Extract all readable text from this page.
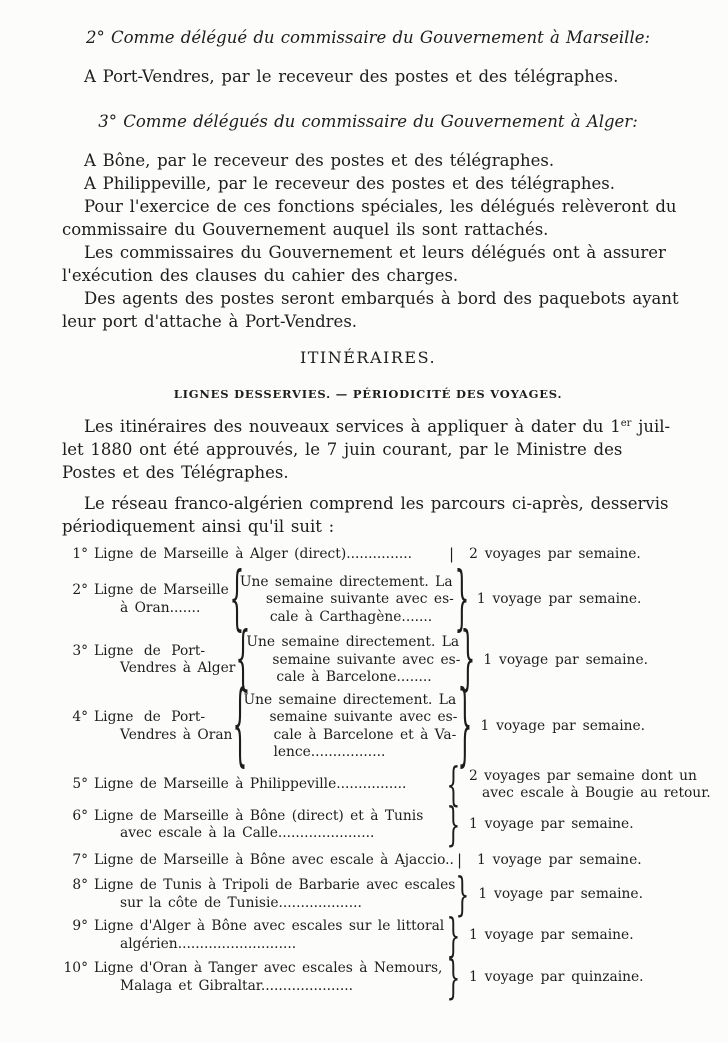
2° Comme délégué du commissaire du Gouvernement à Marseille:
A Port-Vendres, par le receveur des postes et des télégraphes.
3° Comme délégués du commissaire du Gouvernement à Alger:
A Bône, par le receveur des postes et des télégraphes.
A Philippeville, par le receveur des postes et des télégraphes.
Pour l'exercice de ces fonctions spéciales, les délégués relèveront du
commissaire du Gouvernement auquel ils sont rattachés.
Les commissaires du Gouvernement et leurs délégués ont à assurer
l'exécution des clauses du cahier des charges.
Des agents des postes seront embarqués à bord des paquebots ayant
leur port d'attache à Port-Vendres.
ITINÉRAIRES.
LIGNES DESSERVIES. — PÉRIODICITÉ DES VOYAGES.
Les itinéraires des nouveaux services à appliquer à dater du 1er juil-
let 1880 ont été approuvés, le 7 juin courant, par le Ministre des
Postes et des Télégraphes.
Le réseau franco-algérien comprend les parcours ci-après, desservis
périodiquement ainsi qu'il suit :
1° Ligne de Marseille à Alger (direct)...............	|	2 voyages par semaine.
2° Ligne de Marseille
à Oran.......	{
Une semaine directement. La
semaine suivante avec es-
cale à Carthagène....... } 1 voyage par semaine.
3° Ligne de Port-
Vendres à Alger {
Une semaine directement. La
semaine suivante avec es-
cale à Barcelone........	} 1 voyage par semaine.
4° Ligne de Port-
Vendres à Oran {
Une semaine directement. La
semaine suivante avec es-
cale à Barcelone et à Va-
lence.................	} 1 voyage par semaine.
5° Ligne de Marseille à Philippeville................	{ 2 voyages par semaine dont un
avec escale à Bougie au retour.
6° Ligne de Marseille à Bône (direct) et à Tunis
avec escale à la Calle......................	} 1 voyage par semaine.
7° Ligne de Marseille à Bône avec escale à Ajaccio.. |	1 voyage par semaine.
8° Ligne de Tunis à Tripoli de Barbarie avec escales
sur la côte de Tunisie...................	} 1 voyage par semaine.
9° Ligne d'Alger à Bône avec escales sur le littoral
algérien...........................	} 1 voyage par semaine.
10° Ligne d'Oran à Tanger avec escales à Nemours,
Malaga et Gibraltar.....................	} 1 voyage par quinzaine.
